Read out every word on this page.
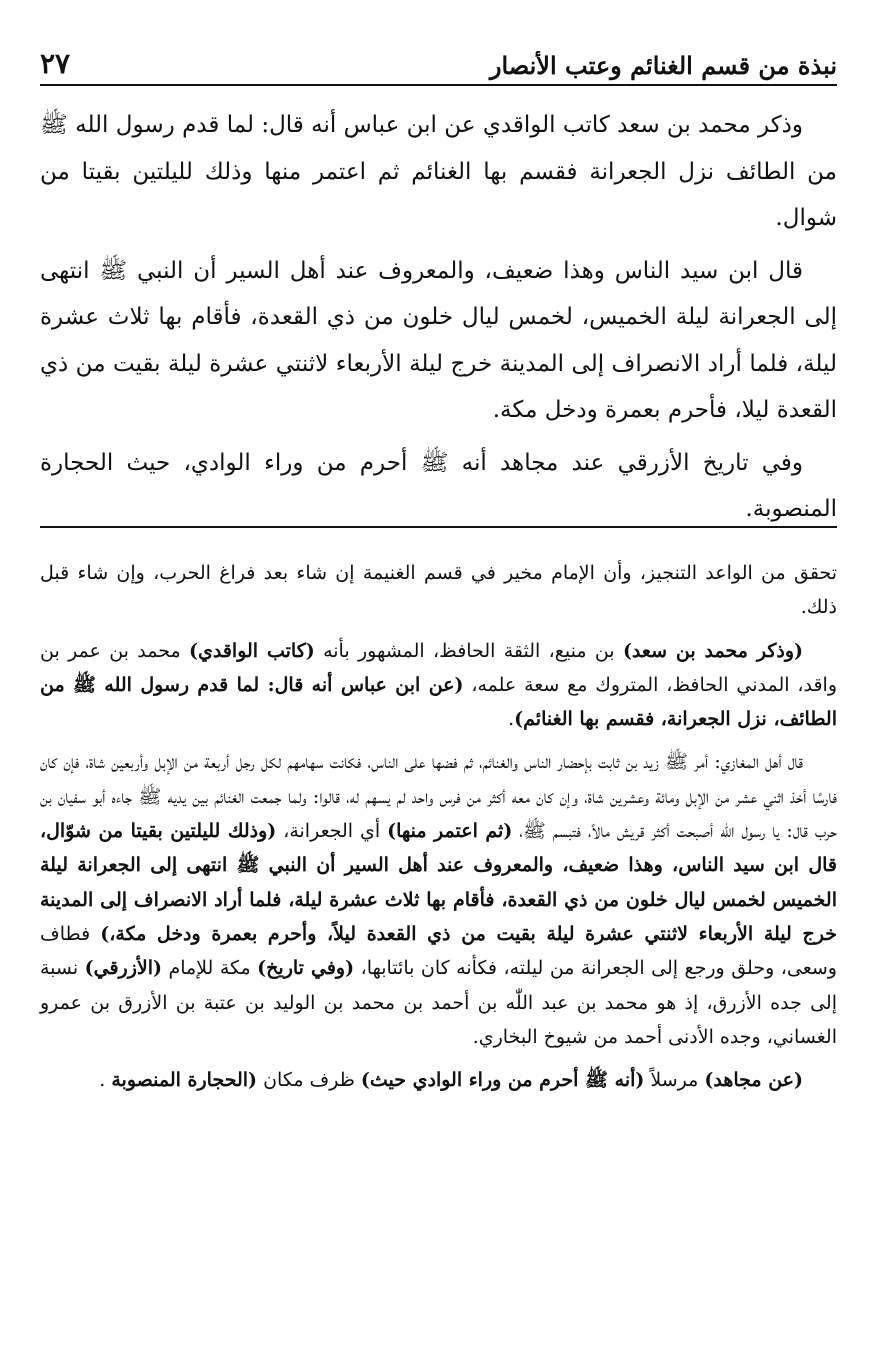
نبذة من قسم الغنائم وعتب الأنصار
٢٧

وذكر محمد بن سعد كاتب الواقدي عن ابن عباس أنه قال: لما قدم رسول الله ﷺ من الطائف نزل الجعرانة فقسم بها الغنائم ثم اعتمر منها وذلك لليلتين بقيتا من شوال.

قال ابن سيد الناس وهذا ضعيف، والمعروف عند أهل السير أن النبي ﷺ انتهى إلى الجعرانة ليلة الخميس، لخمس ليال خلون من ذي القعدة، فأقام بها ثلاث عشرة ليلة، فلما أراد الانصراف إلى المدينة خرج ليلة الأربعاء لاثنتي عشرة ليلة بقيت من ذي القعدة ليلا، فأحرم بعمرة ودخل مكة.

وفي تاريخ الأزرقي عند مجاهد أنه ﷺ أحرم من وراء الوادي، حيث الحجارة المنصوبة.

تحقق من الواعد التنجيز، وأن الإمام مخير في قسم الغنيمة إن شاء بعد فراغ الحرب، وإن شاء قبل ذلك.

(وذكر محمد بن سعد) بن منيع، الثقة الحافظ، المشهور بأنه (كاتب الواقدي) محمد بن عمر بن واقد، المدني الحافظ، المتروك مع سعة علمه، (عن ابن عباس أنه قال: لما قدم رسول الله ﷺ من الطائف، نزل الجعرانة، فقسم بها الغنائم).

قال أهل المغازي: أمر ﷺ زيد بن ثابت بإحضار الناس والغنائم، ثم فضها على الناس، فكانت سهامهم لكل رجل أربعة من الإبل وأربعين شاة، فإن كان فارسًا أخذ اثني عشر من الإبل ومائة وعشرين شاة، وإن كان معه أكثر من فرس واحد لم يسهم له، قالوا: ولما جمعت الغنائم بين يديه ﷺ جاءه أبو سفيان بن حرب قال: يا رسول الله أصبحت أكثر قريش مالاً، فتبسم ﷺ، (ثم اعتمر منها) أي الجعرانة، (وذلك لليلتين بقيتا من شوّال، قال ابن سيد الناس، وهذا ضعيف، والمعروف عند أهل السير أن النبي ﷺ انتهى إلى الجعرانة ليلة الخميس لخمس ليال خلون من ذي القعدة، فأقام بها ثلاث عشرة ليلة، فلما أراد الانصراف إلى المدينة خرج ليلة الأربعاء لاثنتي عشرة ليلة بقيت من ذي القعدة ليلاً، وأحرم بعمرة ودخل مكة،) فطاف وسعى، وحلق ورجع إلى الجعرانة من ليلته، فكأنه كان بائتابها، (وفي تاريخ) مكة للإمام (الأزرقي) نسبة إلى جده الأزرق، إذ هو محمد بن عبد اللّٰه بن أحمد بن محمد بن الوليد بن عتبة بن الأزرق بن عمرو الغساني، وجده الأدنى أحمد من شيوخ البخاري.

(عن مجاهد) مرسلاً (أنه ﷺ أحرم من وراء الوادي حيث) ظرف مكان (الحجارة المنصوبة .
